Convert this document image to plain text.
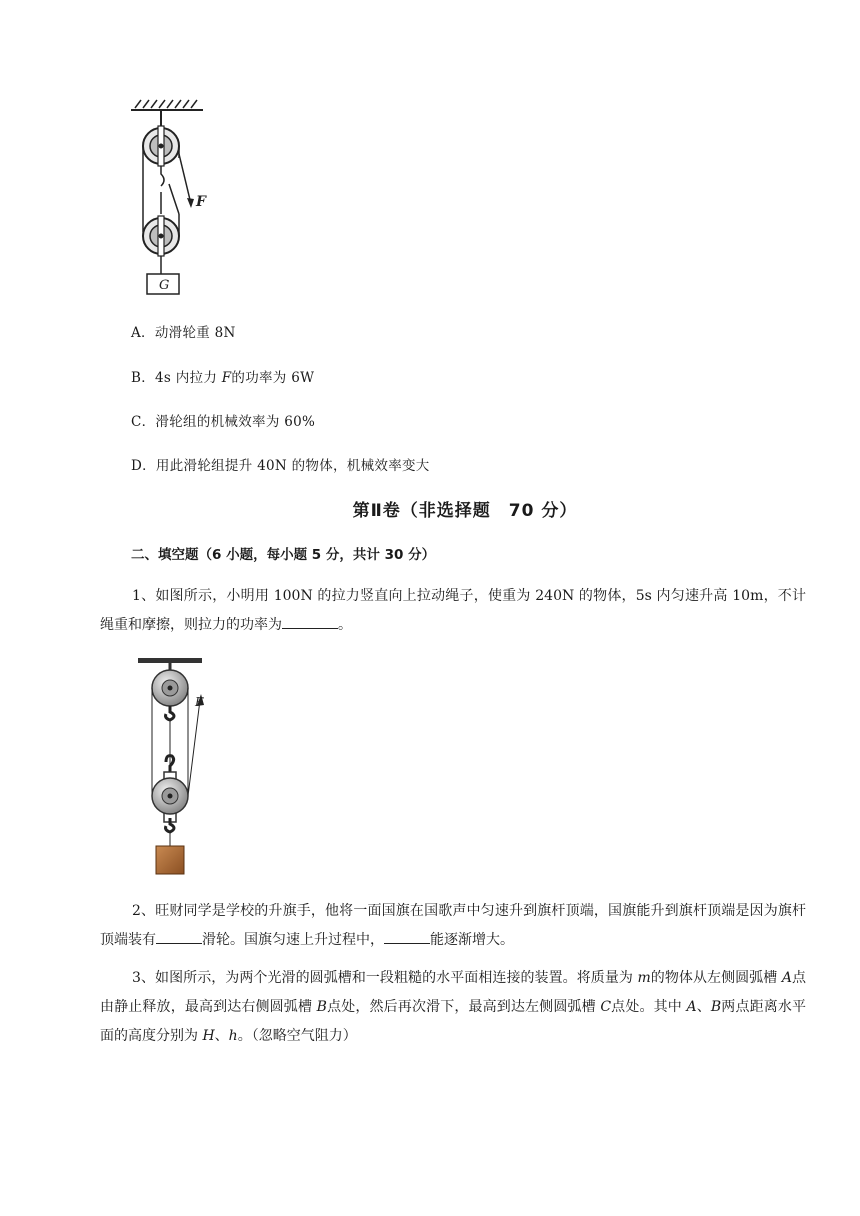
G
F
A．动滑轮重 8N
B．4s 内拉力 F的功率为 6W
C．滑轮组的机械效率为 60%
D．用此滑轮组提升 40N 的物体，机械效率变大
第Ⅱ卷（非选择题　70 分）
二、填空题（6 小题，每小题 5 分，共计 30 分）
1、如图所示，小明用 100N 的拉力竖直向上拉动绳子，使重为 240N 的物体，5s 内匀速升高 10m，不计绳重和摩擦，则拉力的功率为	。
F
2、旺财同学是学校的升旗手，他将一面国旗在国歌声中匀速升到旗杆顶端，国旗能升到旗杆顶端是因为旗杆顶端装有	滑轮。国旗匀速上升过程中，	能逐渐增大。
3、如图所示，为两个光滑的圆弧槽和一段粗糙的水平面相连接的装置。将质量为 m的物体从左侧圆弧槽 A点由静止释放，最高到达右侧圆弧槽 B点处，然后再次滑下，最高到达左侧圆弧槽 C点处。其中 A、B两点距离水平面的高度分别为 H、h。（忽略空气阻力）
